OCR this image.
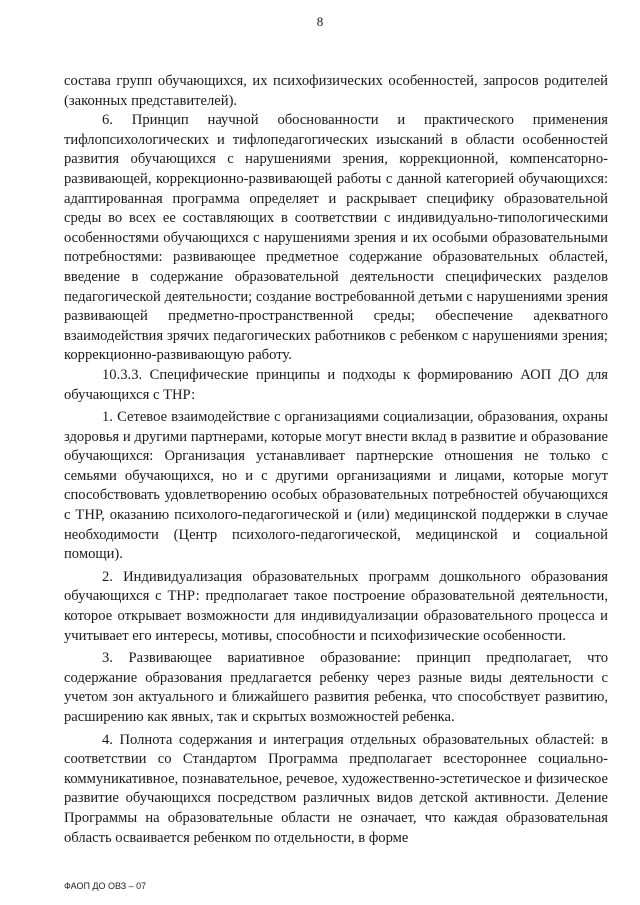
8

состава групп обучающихся, их психофизических особенностей, запросов родителей (законных представителей).

6. Принцип научной обоснованности и практического применения тифлопсихологических и тифлопедагогических изысканий в области особенностей развития обучающихся с нарушениями зрения, коррекционной, компенсаторно-развивающей, коррекционно-развивающей работы с данной категорией обучающихся: адаптированная программа определяет и раскрывает специфику образовательной среды во всех ее составляющих в соответствии с индивидуально-типологическими особенностями обучающихся с нарушениями зрения и их особыми образовательными потребностями: развивающее предметное содержание образовательных областей, введение в содержание образовательной деятельности специфических разделов педагогической деятельности; создание востребованной детьми с нарушениями зрения развивающей предметно-пространственной среды; обеспечение адекватного взаимодействия зрячих педагогических работников с ребенком с нарушениями зрения; коррекционно-развивающую работу.

10.3.3. Специфические принципы и подходы к формированию АОП ДО для обучающихся с ТНР:

1. Сетевое взаимодействие с организациями социализации, образования, охраны здоровья и другими партнерами, которые могут внести вклад в развитие и образование обучающихся: Организация устанавливает партнерские отношения не только с семьями обучающихся, но и с другими организациями и лицами, которые могут способствовать удовлетворению особых образовательных потребностей обучающихся с ТНР, оказанию психолого-педагогической и (или) медицинской поддержки в случае необходимости (Центр психолого-педагогической, медицинской и социальной помощи).

2. Индивидуализация образовательных программ дошкольного образования обучающихся с ТНР: предполагает такое построение образовательной деятельности, которое открывает возможности для индивидуализации образовательного процесса и учитывает его интересы, мотивы, способности и психофизические особенности.

3. Развивающее вариативное образование: принцип предполагает, что содержание образования предлагается ребенку через разные виды деятельности с учетом зон актуального и ближайшего развития ребенка, что способствует развитию, расширению как явных, так и скрытых возможностей ребенка.

4. Полнота содержания и интеграция отдельных образовательных областей: в соответствии со Стандартом Программа предполагает всестороннее социально-коммуникативное, познавательное, речевое, художественно-эстетическое и физическое развитие обучающихся посредством различных видов детской активности. Деление Программы на образовательные области не означает, что каждая образовательная область осваивается ребенком по отдельности, в форме

ФАОП ДО ОВЗ – 07
